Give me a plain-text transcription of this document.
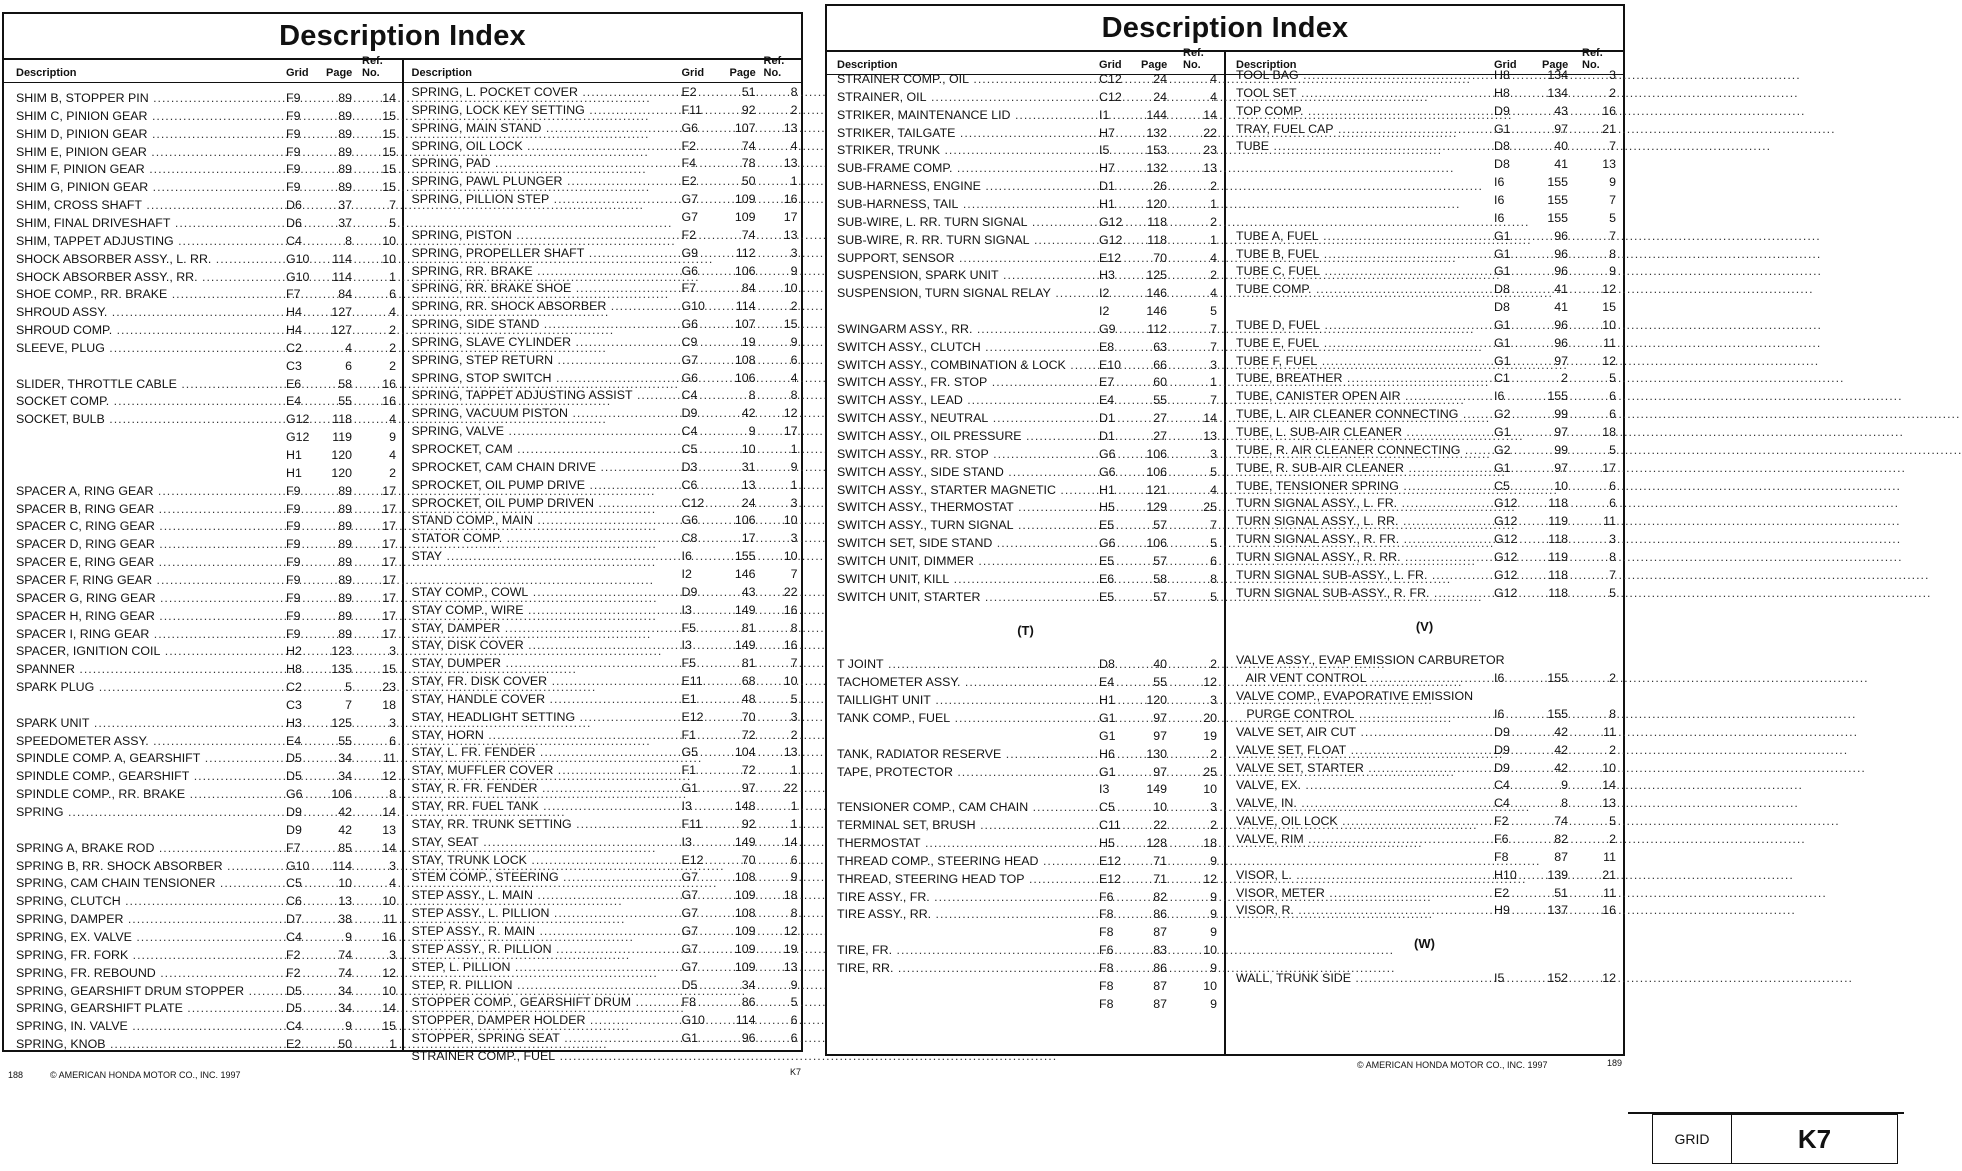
Description Index
Description	Grid Page
Ref. No.
SHIM B, STOPPER PIN .....	F9	89	14
SHIM C, PINION GEAR .....	F9	89	15
SHIM D, PINION GEAR .....	F9	89	15
SHIM E, PINION GEAR .....	F9	89	15
SHIM F, PINION GEAR .....	F9	89	15
SHIM G, PINION GEAR .....	F9	89	15
SHIM, CROSS SHAFT .....	D6	37	7
SHIM, FINAL DRIVESHAFT .....	D6	37	5
SHIM, TAPPET ADJUSTING .....	C4	8	10
SHOCK ABSORBER ASSY., L. RR. .....	G10	114	10
SHOCK ABSORBER ASSY., RR. .....	G10	114	1
SHOE COMP., RR. BRAKE .....	F7	84	6
SHROUD ASSY. .....	H4	127	4
SHROUD COMP. .....	H4	127	2
SLEEVE, PLUG .....	C2	4	2
C3	6	2
SLIDER, THROTTLE CABLE .....	E6	58	16
SOCKET COMP. .....	E4	55	16
SOCKET, BULB .....	G12	118	4
G12	119	9
H1	120	4
H1	120	2
SPACER A, RING GEAR .....	F9	89	17
SPACER B, RING GEAR .....	F9	89	17
SPACER C, RING GEAR .....	F9	89	17
SPACER D, RING GEAR .....	F9	89	17
SPACER E, RING GEAR .....	F9	89	17
SPACER F, RING GEAR .....	F9	89	17
SPACER G, RING GEAR .....	F9	89	17
SPACER H, RING GEAR .....	F9	89	17
SPACER I, RING GEAR .....	F9	89	17
SPACER, IGNITION COIL .....	H2	123	3
SPANNER .....	H8	135	15
SPARK PLUG .....	C2	5	23
C3	7	18
SPARK UNIT .....	H3	125	3
SPEEDOMETER ASSY. .....	E4	55	6
SPINDLE COMP. A, GEARSHIFT .....	D5	34	11
SPINDLE COMP., GEARSHIFT .....	D5	34	12
SPINDLE COMP., RR. BRAKE .....	G6	106	8
SPRING .....	D9	42	14
D9	42	13
SPRING A, BRAKE ROD .....	F7	85	14
SPRING B, RR. SHOCK ABSORBER .....	G10	114	3
SPRING, CAM CHAIN TENSIONER .....	C5	10	4
SPRING, CLUTCH .....	C6	13	10
SPRING, DAMPER .....	D7	38	11
SPRING, EX. VALVE .....	C4	9	16
SPRING, FR. FORK .....	F2	74	3
SPRING, FR. REBOUND .....	F2	74	12
SPRING, GEARSHIFT DRUM STOPPER .....	D5	34	10
SPRING, GEARSHIFT PLATE .....	D5	34	14
SPRING, IN. VALVE .....	C4	9	15
SPRING, KNOB .....	E2	50	1
Description	Grid Page
Ref. No.
SPRING, L. POCKET COVER .....	E2	51	8
SPRING, LOCK KEY SETTING .....	F11	92	2
SPRING, MAIN STAND .....	G6	107	13
SPRING, OIL LOCK .....	F2	74	4
SPRING, PAD .....	F4	78	13
SPRING, PAWL PLUNGER .....	E2	50	1
SPRING, PILLION STEP .....	G7	109	16
G7	109	17
SPRING, PISTON .....	F2	74	13
SPRING, PROPELLER SHAFT .....	G9	112	3
SPRING, RR. BRAKE .....	G6	106	9
SPRING, RR. BRAKE SHOE .....	F7	84	10
SPRING, RR. SHOCK ABSORBER .....	G10	114	2
SPRING, SIDE STAND .....	G6	107	15
SPRING, SLAVE CYLINDER .....	C9	19	9
SPRING, STEP RETURN .....	G7	108	6
SPRING, STOP SWITCH .....	G6	106	4
SPRING, TAPPET ADJUSTING ASSIST .....	C4	8	8
SPRING, VACUUM PISTON .....	D9	42	12
SPRING, VALVE .....	C4	9	17
SPROCKET, CAM .....	C5	10	1
SPROCKET, CAM CHAIN DRIVE .....	D3	31	9
SPROCKET, OIL PUMP DRIVE .....	C6	13	1
SPROCKET, OIL PUMP DRIVEN .....	C12	24	3
STAND COMP., MAIN .....	G6	106	10
STATOR COMP. .....	C8	17	3
STAY .....	I6	155	10
I2	146	7
STAY COMP., COWL .....	D9	43	22
STAY COMP., WIRE .....	I3	149	16
STAY, DAMPER .....	F5	81	8
STAY, DISK COVER .....	I3	149	16
STAY, DUMPER .....	F5	81	7
STAY, FR. DISK COVER .....	E11	68	10
STAY, HANDLE COVER .....	E1	48	5
STAY, HEADLIGHT SETTING .....	E12	70	3
STAY, HORN .....	F1	72	2
STAY, L. FR. FENDER .....	G5	104	13
STAY, MUFFLER COVER .....	F1	72	1
STAY, R. FR. FENDER .....	G1	97	22
STAY, RR. FUEL TANK .....	I3	148	1
STAY, RR. TRUNK SETTING .....	F11	92	1
STAY, SEAT .....	I3	149	14
STAY, TRUNK LOCK .....	E12	70	6
STEM COMP., STEERING .....	G7	108	9
STEP ASSY., L. MAIN .....	G7	109	18
STEP ASSY., L. PILLION .....	G7	108	8
STEP ASSY., R. MAIN .....	G7	109	12
STEP ASSY., R. PILLION .....	G7	109	19
STEP, L. PILLION .....	G7	109	13
STEP, R. PILLION .....	D5	34	9
STOPPER COMP., GEARSHIFT DRUM .....	F8	86	5
STOPPER, DAMPER HOLDER .....	G10	114	6
STOPPER, SPRING SEAT .....	G1	96	6
STRAINER COMP., FUEL .....
188	© AMERICAN HONDA MOTOR CO., INC. 1997	K7
Description Index
Description	Grid Page
Ref. No.
STRAINER COMP., OIL .....	C12	24	4
STRAINER, OIL .....	C12	24	4
STRIKER, MAINTENANCE LID .....	I1	144	14
STRIKER, TAILGATE .....	H7	132	22
STRIKER, TRUNK .....	I5	153	23
SUB-FRAME COMP. .....	H7	132	13
SUB-HARNESS, ENGINE .....	D1	26	2
SUB-HARNESS, TAIL .....	H1	120	1
SUB-WIRE, L. RR. TURN SIGNAL .....	G12	118	2
SUB-WIRE, R. RR. TURN SIGNAL .....	G12	118	1
SUPPORT, SENSOR .....	E12	70	4
SUSPENSION, SPARK UNIT .....	H3	125	2
SUSPENSION, TURN SIGNAL RELAY .....	I2	146	4
I2	146	5
SWINGARM ASSY., RR. .....	G9	112	7
SWITCH ASSY., CLUTCH .....	E8	63	7
SWITCH ASSY., COMBINATION & LOCK .....	E10	66	3
SWITCH ASSY., FR. STOP .....	E7	60	1
SWITCH ASSY., LEAD .....	E4	55	7
SWITCH ASSY., NEUTRAL .....	D1	27	14
SWITCH ASSY., OIL PRESSURE .....	D1	27	13
SWITCH ASSY., RR. STOP .....	G6	106	3
SWITCH ASSY., SIDE STAND .....	G6	106	5
SWITCH ASSY., STARTER MAGNETIC .....	H1	121	4
SWITCH ASSY., THERMOSTAT .....	H5	129	25
SWITCH ASSY., TURN SIGNAL .....	E5	57	7
SWITCH SET, SIDE STAND .....	G6	106	5
SWITCH UNIT, DIMMER .....	E5	57	6
SWITCH UNIT, KILL .....	E6	58	8
SWITCH UNIT, STARTER .....	E5	57	5
(T)
T JOINT .....	D8	40	2
TACHOMETER ASSY. .....	E4	55	12
TAILLIGHT UNIT .....	H1	120	3
TANK COMP., FUEL .....	G1	97	20
G1	97	19
TANK, RADIATOR RESERVE .....	H6	130	2
TAPE, PROTECTOR .....	G1	97	25
I3	149	10
TENSIONER COMP., CAM CHAIN .....	C5	10	3
TERMINAL SET, BRUSH .....	C11	22	2
THERMOSTAT .....	H5	128	18
THREAD COMP., STEERING HEAD .....	E12	71	9
THREAD, STEERING HEAD TOP .....	E12	71	12
TIRE ASSY., FR. .....	F6	82	9
TIRE ASSY., RR. .....	F8	86	9
F8	87	9
TIRE, FR. .....	F6	83	10
TIRE, RR. .....	F8	86	9
F8	87	10
F8	87	9
Description	Grid Page
Ref. No.
TOOL BAG .....	H8	134	3
TOOL SET .....	H8	134	2
TOP COMP. .....	D9	43	16
TRAY, FUEL CAP .....	G1	97	21
TUBE .....	D8	40	7
D8	41	13
I6	155	9
I6	155	7
I6	155	5
TUBE A, FUEL .....	G1	96	7
TUBE B, FUEL .....	G1	96	8
TUBE C, FUEL .....	G1	96	9
TUBE COMP. .....	D8	41	12
D8	41	15
TUBE D, FUEL .....	G1	96	10
TUBE E, FUEL .....	G1	96	11
TUBE F, FUEL .....	G1	97	12
TUBE, BREATHER .....	C1	2	5
TUBE, CANISTER OPEN AIR .....	I6	155	6
TUBE, L. AIR CLEANER CONNECTING .....	G2	99	6
TUBE, L. SUB-AIR CLEANER .....	G1	97	18
TUBE, R. AIR CLEANER CONNECTING .....	G2	99	5
TUBE, R. SUB-AIR CLEANER .....	G1	97	17
TUBE, TENSIONER SPRING .....	C5	10	6
TURN SIGNAL ASSY., L. FR. .....	G12	118	6
TURN SIGNAL ASSY., L. RR. .....	G12	119	11
TURN SIGNAL ASSY., R. FR. .....	G12	118	3
TURN SIGNAL ASSY., R. RR. .....	G12	119	8
TURN SIGNAL SUB-ASSY., L. FR. .....	G12	118	7
TURN SIGNAL SUB-ASSY., R. FR. .....	G12	118	5
(V)
VALVE ASSY., EVAP EMISSION CARBURETOR
AIR VENT CONTROL .....	I6	155	2
VALVE COMP., EVAPORATIVE EMISSION
PURGE CONTROL .....	I6	155	8
VALVE SET, AIR CUT .....	D9	42	11
VALVE SET, FLOAT .....	D9	42	2
VALVE SET, STARTER .....	D9	42	10
VALVE, EX. .....	C4	9	14
VALVE, IN. .....	C4	8	13
VALVE, OIL LOCK .....	F2	74	5
VALVE, RIM .....	F6	82	2
F8	87	11
VISOR, L. .....	H10	139	21
VISOR, METER .....	E2	51	11
VISOR, R. .....	H9	137	16
(W)
WALL, TRUNK SIDE .....	I5	152	12
© AMERICAN HONDA MOTOR CO., INC. 1997	189
GRID	K7
